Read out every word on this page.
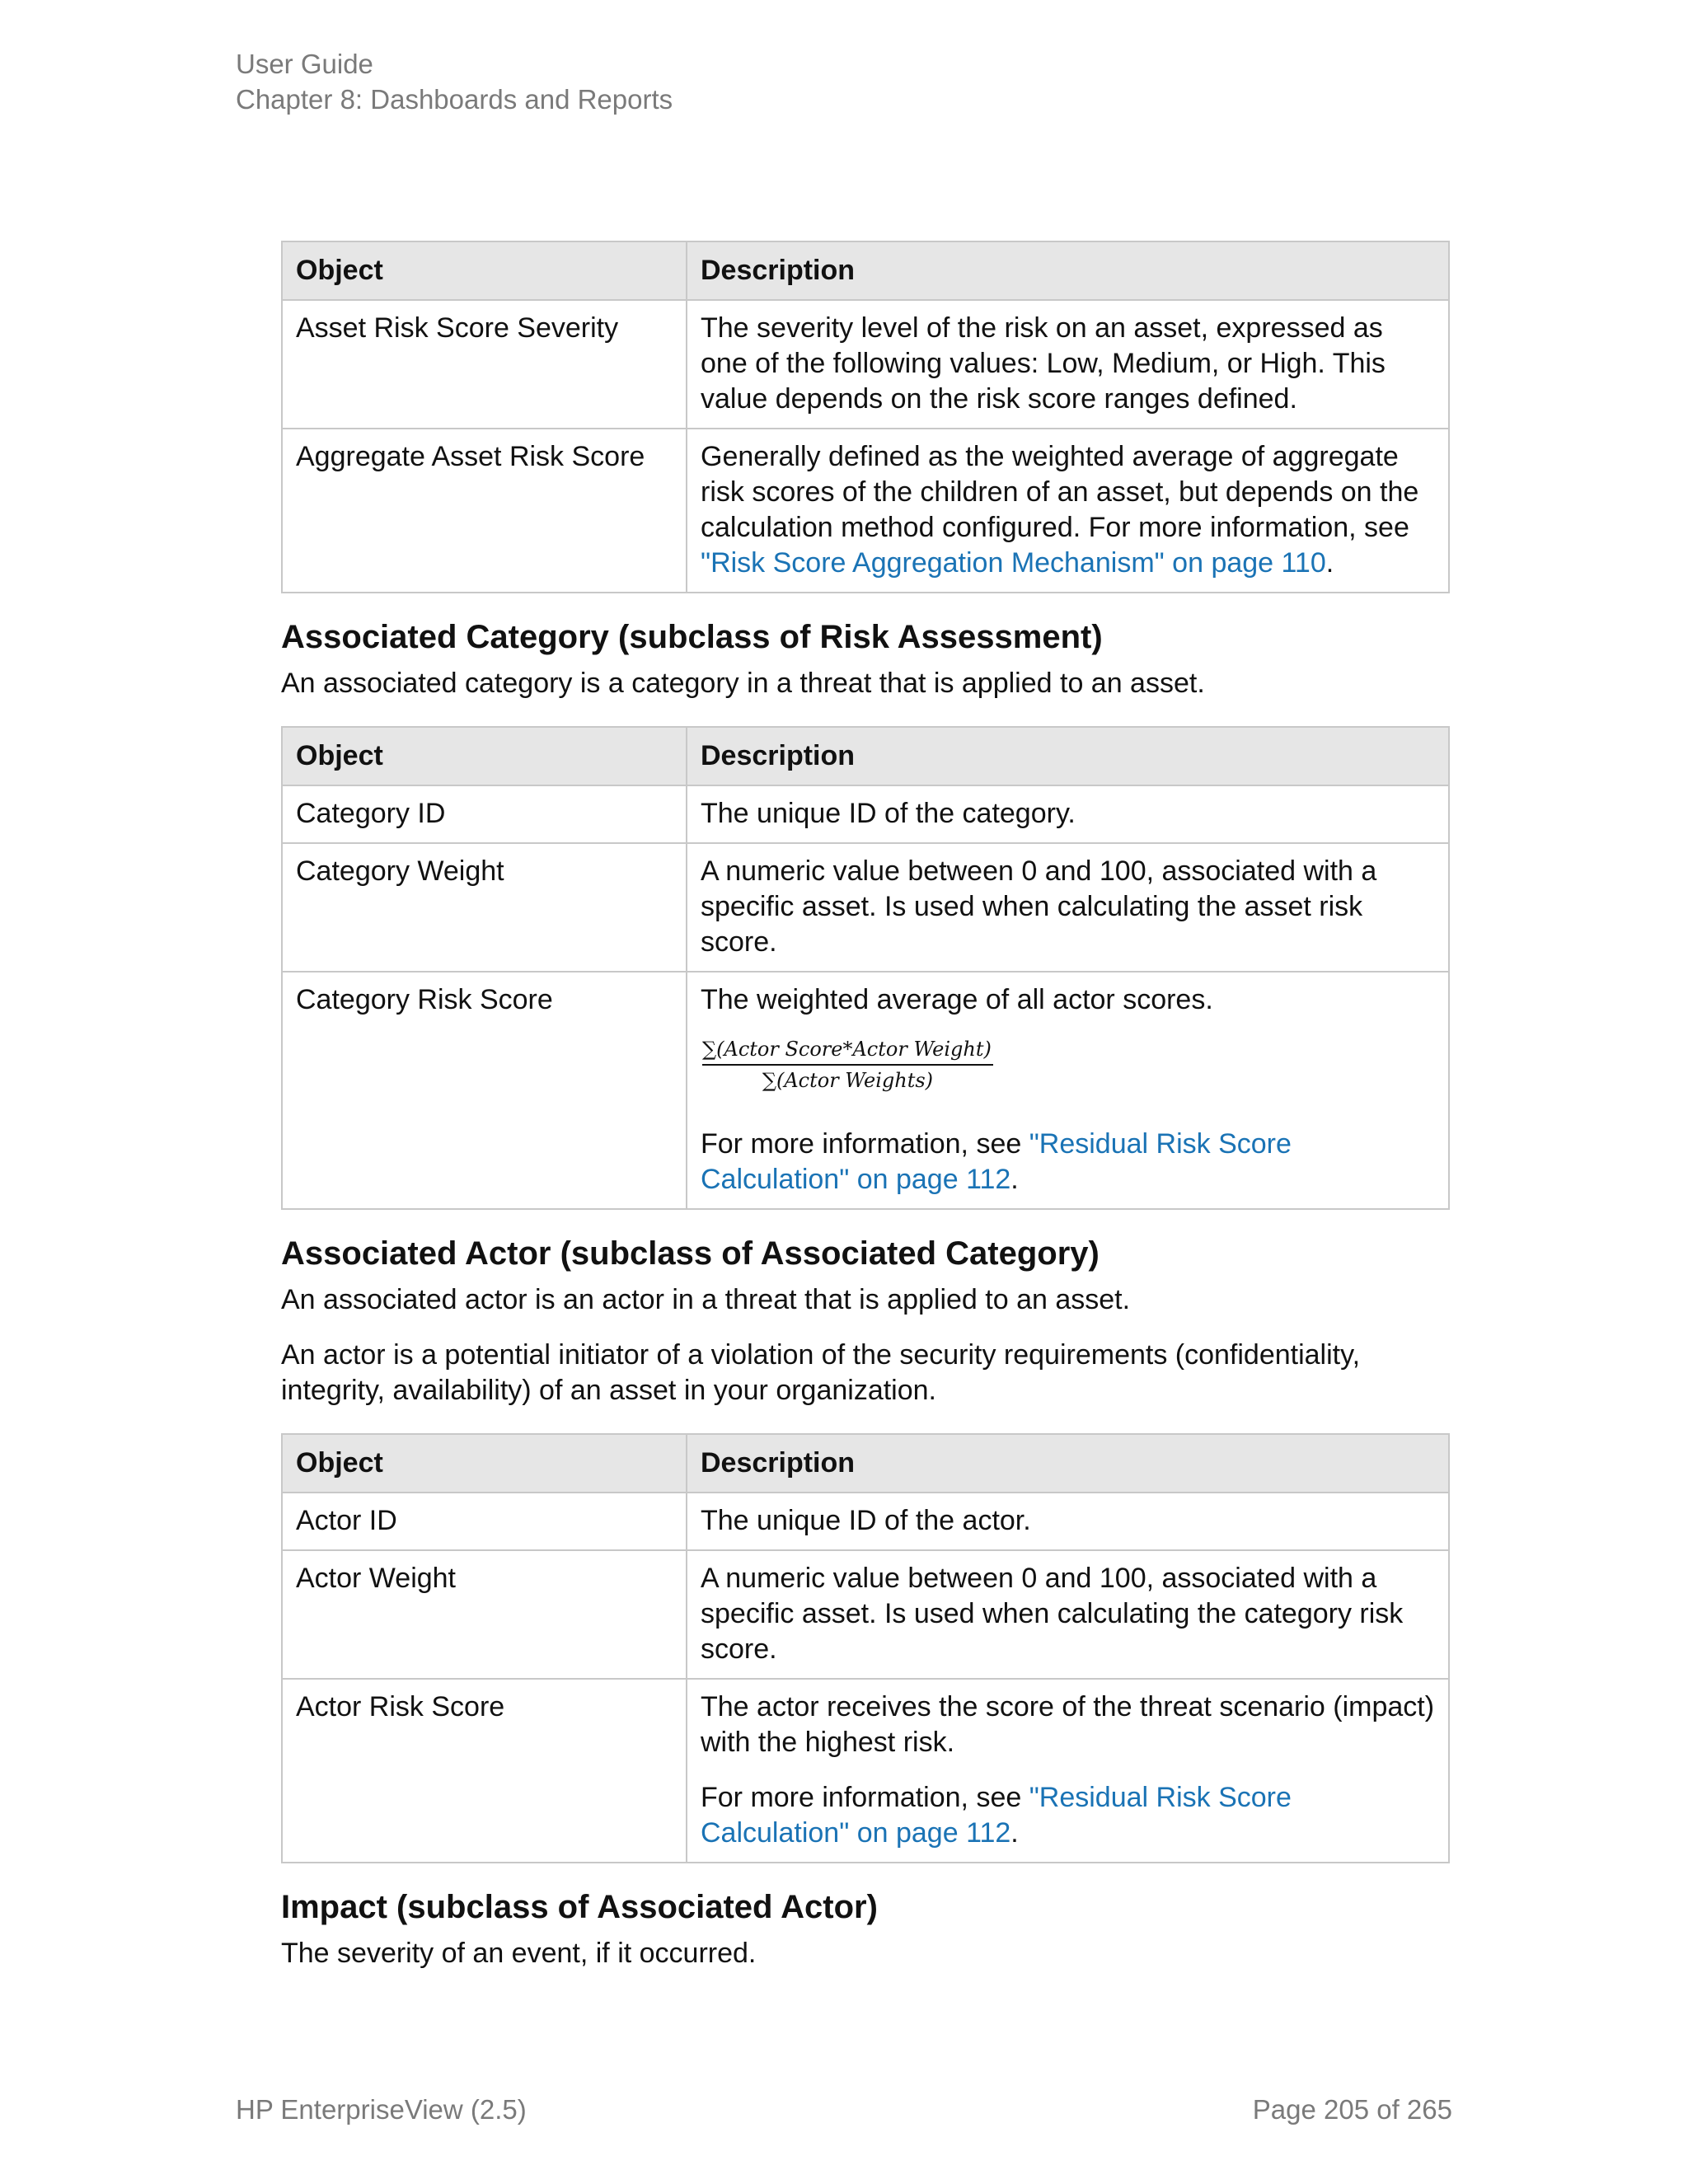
User Guide
Chapter 8: Dashboards and Reports
Object	Description
Asset Risk Score Severity	The severity level of the risk on an asset, expressed as one of the following values: Low, Medium, or High. This value depends on the risk score ranges defined.
Aggregate Asset Risk Score	Generally defined as the weighted average of aggregate risk scores of the children of an asset, but depends on the calculation method configured. For more information, see "Risk Score Aggregation Mechanism" on page 110.
Associated Category (subclass of Risk Assessment)

An associated category is a category in a threat that is applied to an asset.

Object	Description
Category ID	The unique ID of the category.
Category Weight	A numeric value between 0 and 100, associated with a specific asset. Is used when calculating the asset risk score.
Category Risk Score	The weighted average of all actor scores.

$\frac{\text{∑(Actor Score*Actor Weight)}}{\text{∑(Actor Weights)}}$

For more information, see "Residual Risk Score Calculation" on page 112.

Associated Actor (subclass of Associated Category)

An associated actor is an actor in a threat that is applied to an asset.

An actor is a potential initiator of a violation of the security requirements (confidentiality, integrity, availability) of an asset in your organization.

Object	Description
Actor ID	The unique ID of the actor.
Actor Weight	A numeric value between 0 and 100, associated with a specific asset. Is used when calculating the category risk score.
Actor Risk Score	The actor receives the score of the threat scenario (impact) with the highest risk.

For more information, see "Residual Risk Score Calculation" on page 112.

Impact (subclass of Associated Actor)

The severity of an event, if it occurred.

HP EnterpriseView (2.5)	Page 205 of 265
